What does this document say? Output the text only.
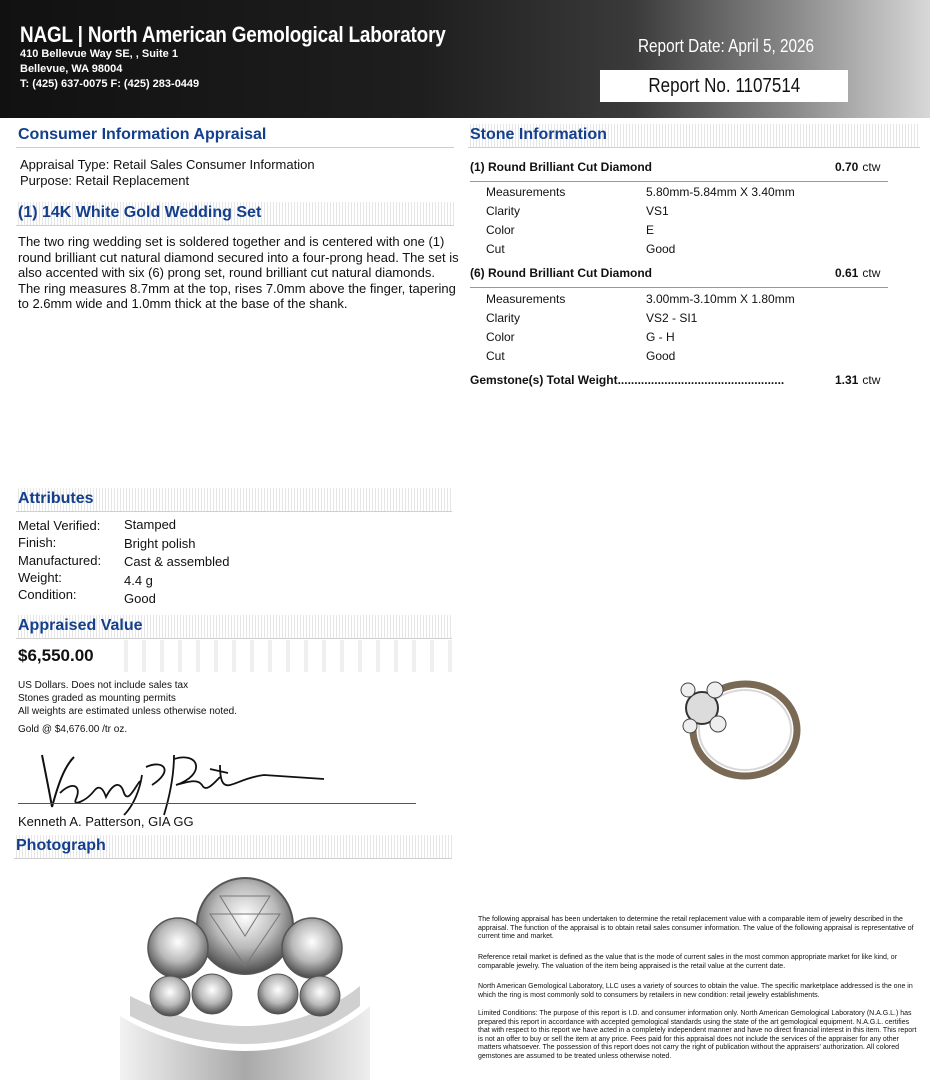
NAGL | North American Gemological Laboratory
410 Bellevue Way SE, , Suite 1
Bellevue, WA 98004
T: (425) 637-0075 F: (425) 283-0449
Report Date: April 5, 2026
Report No. 1107514
Consumer Information Appraisal
Appraisal Type: Retail Sales Consumer Information
Purpose: Retail Replacement
(1) 14K White Gold Wedding Set
The two ring wedding set is soldered together and is centered with one (1) round brilliant cut natural diamond secured into a four-prong head. The set is also accented with six (6) prong set, round brilliant cut natural diamonds. The ring measures 8.7mm at the top, rises 7.0mm above the finger, tapering to 2.6mm wide and 1.0mm thick at the base of the shank.
Stone Information
(1) Round Brilliant Cut Diamond	0.70 ctw
Measurements	5.80mm-5.84mm X 3.40mm
Clarity	VS1
Color	E
Cut	Good
(6) Round Brilliant Cut Diamond	0.61 ctw
Measurements	3.00mm-3.10mm X 1.80mm
Clarity	VS2 - SI1
Color	G - H
Cut	Good
Gemstone(s) Total Weight..................................................	1.31 ctw
Attributes
Metal Verified: Stamped
Finish:	Bright polish
Manufactured: Cast & assembled
Weight:	4.4 g
Condition:	Good
Appraised Value
$6,550.00
US Dollars. Does not include sales tax
Stones graded as mounting permits
All weights are estimated unless otherwise noted.
Gold @ $4,676.00 /tr oz.
Kenneth A. Patterson, GIA GG
Photograph
The following appraisal has been undertaken to determine the retail replacement value with a comparable item of jewelry described in the appraisal. The function of the appraisal is to obtain retail sales consumer information. The value of the following appraisal is representative of current time and market.
Reference retail market is defined as the value that is the mode of current sales in the most common appropriate market for like kind, or comparable jewelry. The valuation of the item being appraised is the retail value at the current date.
North American Gemological Laboratory, LLC uses a variety of sources to obtain the value. The specific marketplace addressed is the one in which the ring is most commonly sold to consumers by retailers in new condition: retail jewelry establishments.
Limited Conditions: The purpose of this report is I.D. and consumer information only. North American Gemological Laboratory (N.A.G.L.) has prepared this report in accordance with accepted gemological standards using the state of the art gemological equipment. N.A.G.L. certifies that with respect to this report we have acted in a completely independent manner and have no direct financial interest in this item. This report is not an offer to buy or sell the item at any price. Fees paid for this appraisal does not include the services of the appraiser for any other matters whatsoever. The possession of this report does not carry the right of publication without the appraisers' authorization. All colored gemstones are assumed to be treated unless otherwise noted.
